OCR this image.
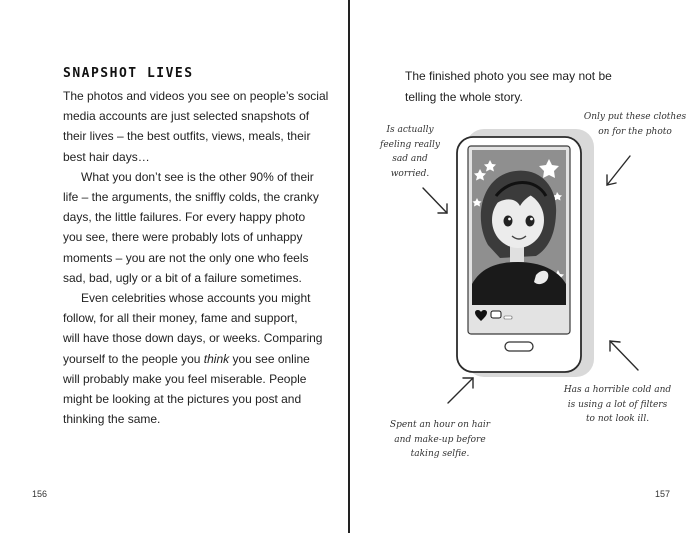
SNAPSHOT LIVES
The photos and videos you see on people’s social
media accounts are just selected snapshots of
their lives – the best outfits, views, meals, their
best hair days…
What you don’t see is the other 90% of their
life – the arguments, the sniffly colds, the cranky
days, the little failures. For every happy photo
you see, there were probably lots of unhappy
moments – you are not the only one who feels
sad, bad, ugly or a bit of a failure sometimes.
Even celebrities whose accounts you might
follow, for all their money, fame and support,
will have those down days, or weeks. Comparing
yourself to the people you think you see online
will probably make you feel miserable. People
might be looking at the pictures you post and
thinking the same.
156
The finished photo you see may not be
telling the whole story.
Is actually
feeling really
sad and
worried.
Only put these clothes
on for the photo
Has a horrible cold and
is using a lot of filters
to not look ill.
Spent an hour on hair
and make-up before
taking selfie.
157
